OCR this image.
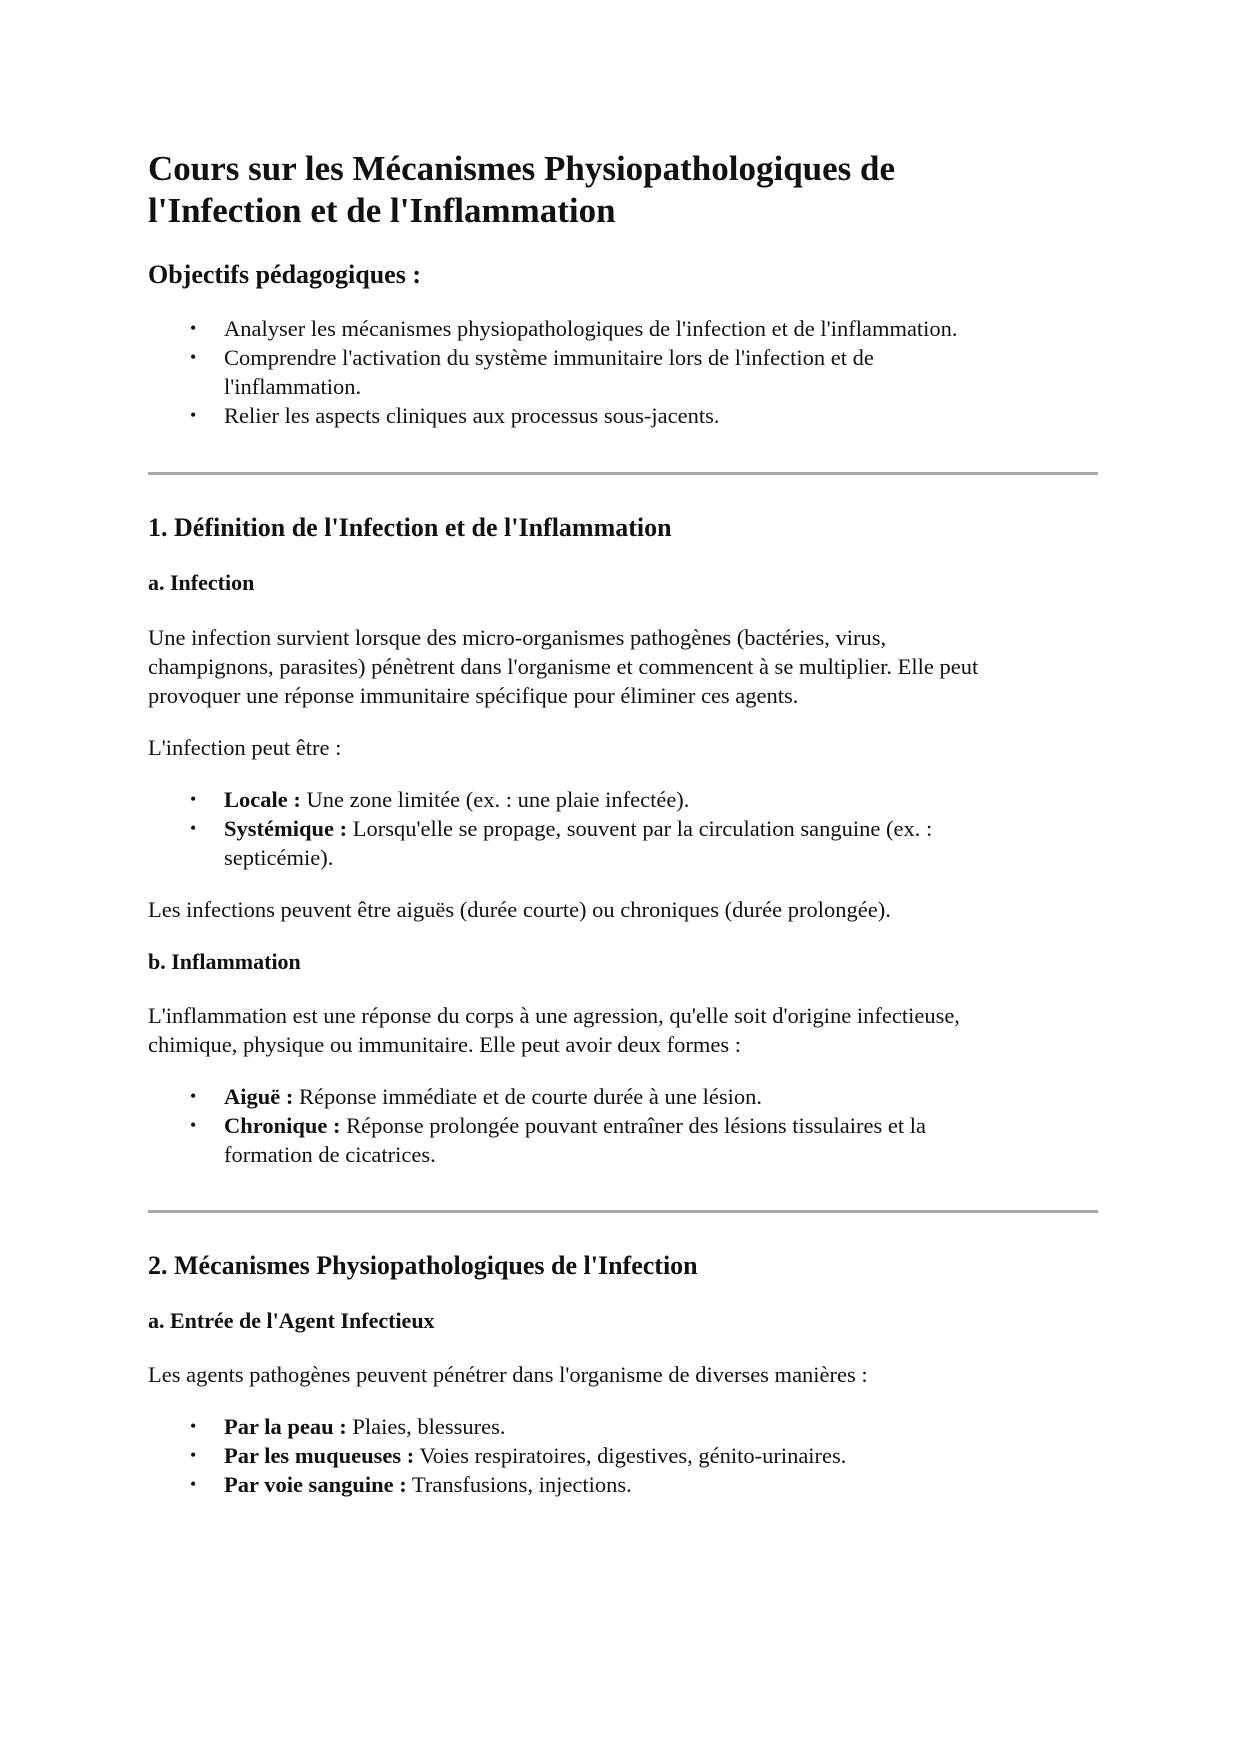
Cours sur les Mécanismes Physiopathologiques de
l'Infection et de l'Inflammation
Objectifs pédagogiques :
• Analyser les mécanismes physiopathologiques de l'infection et de l'inflammation.
• Comprendre l'activation du système immunitaire lors de l'infection et de
l'inflammation.
• Relier les aspects cliniques aux processus sous-jacents.
1. Définition de l'Infection et de l'Inflammation
a. Infection

Une infection survient lorsque des micro-organismes pathogènes (bactéries, virus,
champignons, parasites) pénètrent dans l'organisme et commencent à se multiplier. Elle peut
provoquer une réponse immunitaire spécifique pour éliminer ces agents.

L'infection peut être :

• Locale : Une zone limitée (ex. : une plaie infectée).
• Systémique : Lorsqu'elle se propage, souvent par la circulation sanguine (ex. :
septicémie).

Les infections peuvent être aiguës (durée courte) ou chroniques (durée prolongée).

b. Inflammation

L'inflammation est une réponse du corps à une agression, qu'elle soit d'origine infectieuse,
chimique, physique ou immunitaire. Elle peut avoir deux formes :

• Aiguë : Réponse immédiate et de courte durée à une lésion.
• Chronique : Réponse prolongée pouvant entraîner des lésions tissulaires et la
formation de cicatrices.
2. Mécanismes Physiopathologiques de l'Infection
a. Entrée de l'Agent Infectieux

Les agents pathogènes peuvent pénétrer dans l'organisme de diverses manières :

• Par la peau : Plaies, blessures.
• Par les muqueuses : Voies respiratoires, digestives, génito-urinaires.
• Par voie sanguine : Transfusions, injections.
